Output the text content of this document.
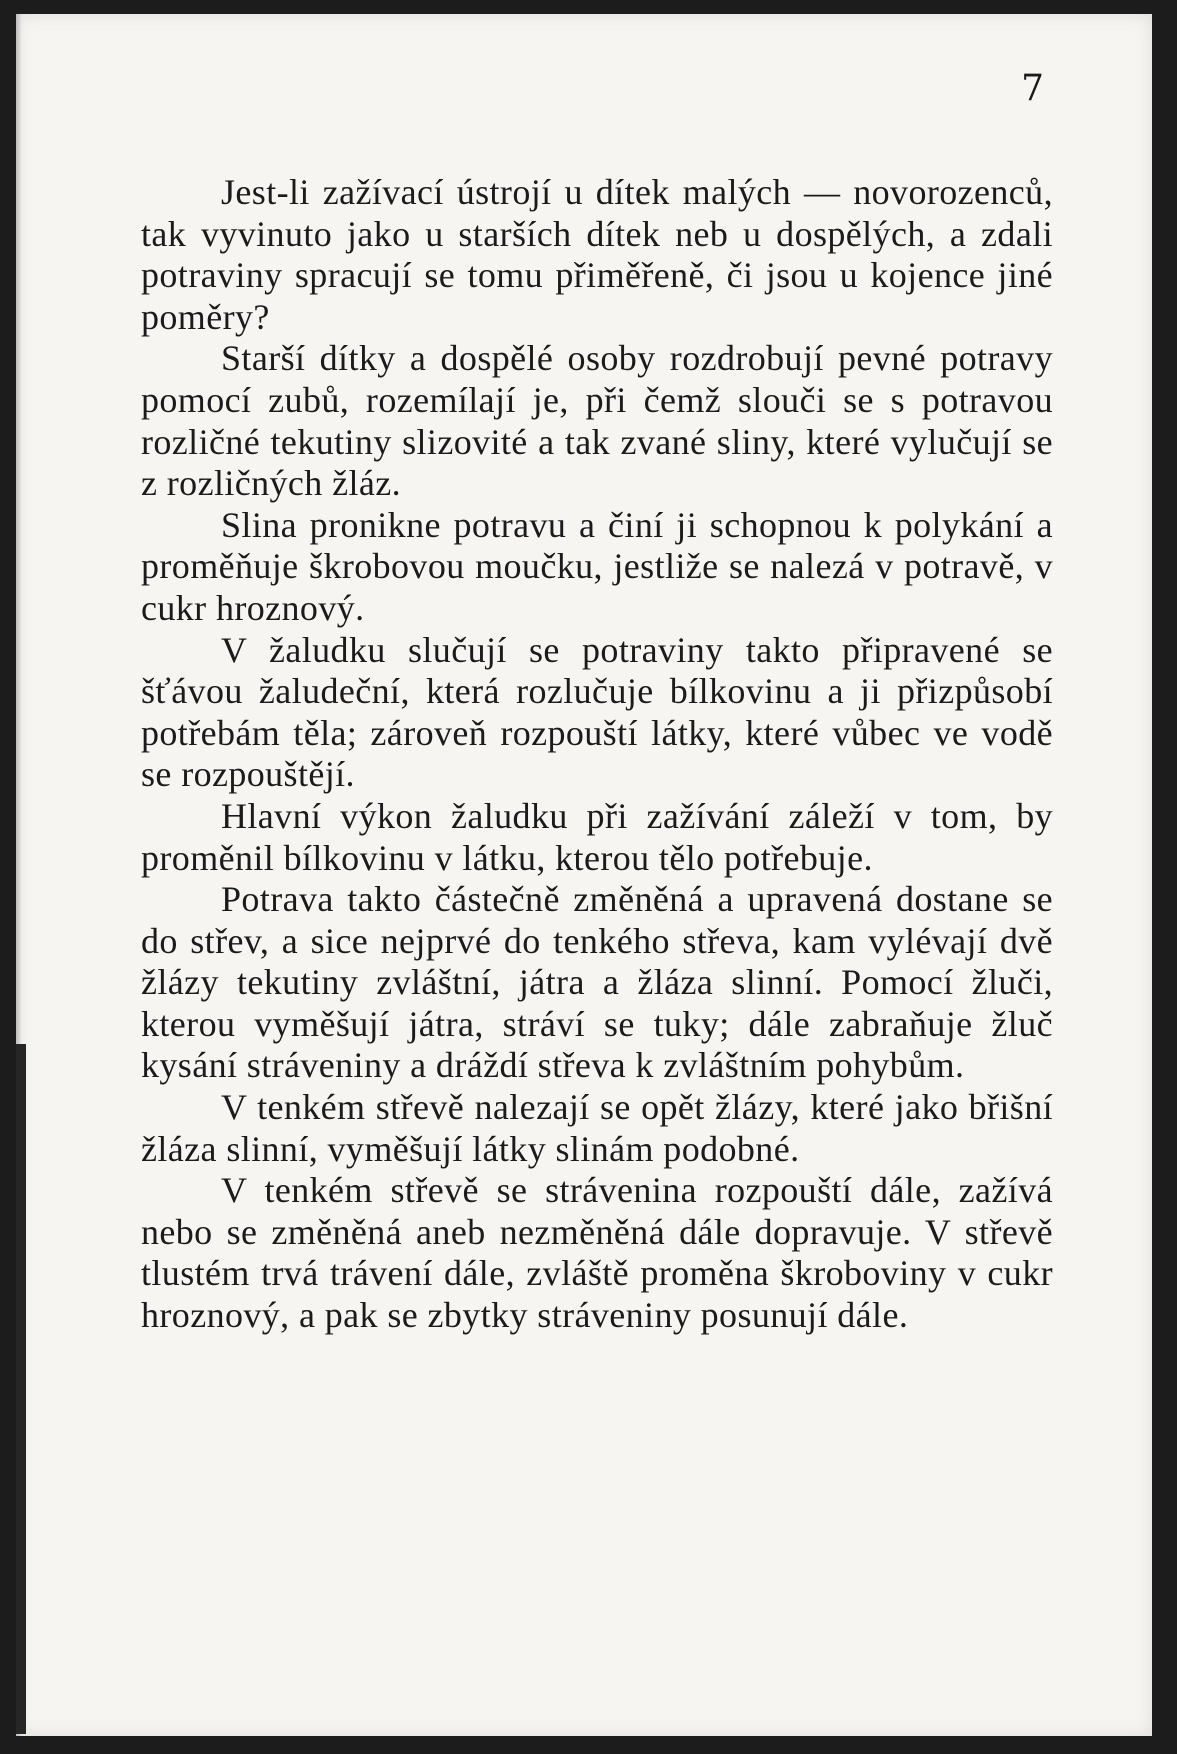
7

Jest-li zažívací ústrojí u dítek malých — novorozenců, tak vyvinuto jako u starších dítek neb u dospělých, a zdali potraviny spracují se tomu přiměřeně, či jsou u kojence jiné poměry?

Starší dítky a dospělé osoby rozdrobují pevné potravy pomocí zubů, rozemílají je, při čemž slouči se s potravou rozličné tekutiny slizovité a tak zvané sliny, které vylučují se z rozličných žláz.

Slina pronikne potravu a činí ji schopnou k polykání a proměňuje škrobovou moučku, jestliže se nalezá v potravě, v cukr hroznový.

V žaludku slučují se potraviny takto připravené se šťávou žaludeční, která rozlučuje bílkovinu a ji přizpůsobí potřebám těla; zároveň rozpouští látky, které vůbec ve vodě se rozpouštějí.

Hlavní výkon žaludku při zažívání záleží v tom, by proměnil bílkovinu v látku, kterou tělo potřebuje.

Potrava takto částečně změněná a upravená dostane se do střev, a sice nejprvé do tenkého střeva, kam vylévají dvě žlázy tekutiny zvláštní, játra a žláza slinní. Pomocí žluči, kterou vyměšují játra, stráví se tuky; dále zabraňuje žluč kysání stráveniny a dráždí střeva k zvláštním pohybům.

V tenkém střevě nalezají se opět žlázy, které jako břišní žláza slinní, vyměšují látky slinám podobné.

V tenkém střevě se strávenina rozpouští dále, zažívá nebo se změněná aneb nezměněná dále dopravuje. V střevě tlustém trvá trávení dále, zvláště proměna škroboviny v cukr hroznový, a pak se zbytky stráveniny posunují dále.
